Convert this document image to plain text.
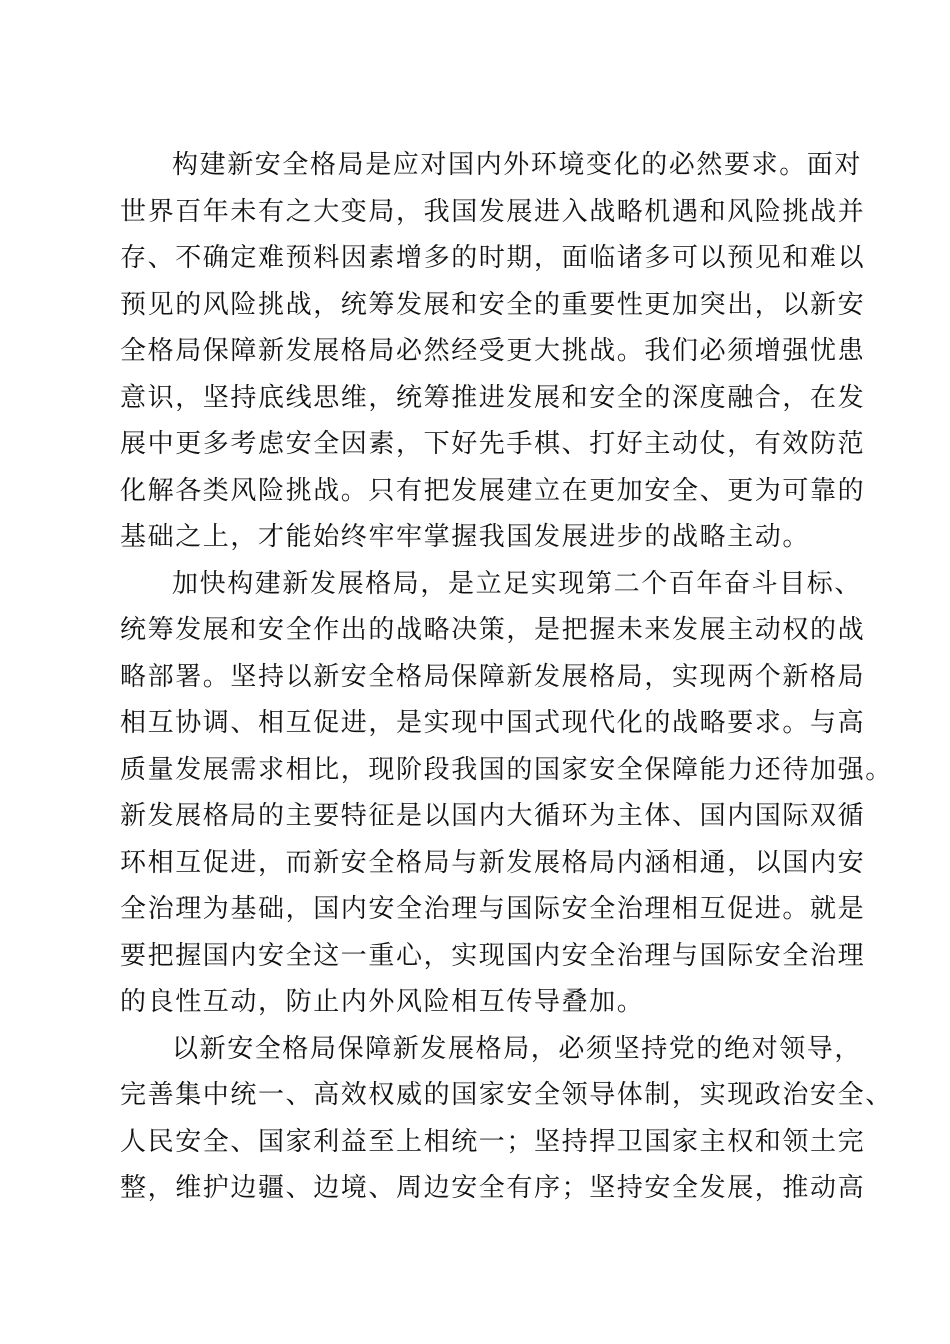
构建新安全格局是应对国内外环境变化的必然要求。面对
世界百年未有之大变局，我国发展进入战略机遇和风险挑战并
存、不确定难预料因素增多的时期，面临诸多可以预见和难以
预见的风险挑战，统筹发展和安全的重要性更加突出，以新安
全格局保障新发展格局必然经受更大挑战。我们必须增强忧患
意识，坚持底线思维，统筹推进发展和安全的深度融合，在发
展中更多考虑安全因素，下好先手棋、打好主动仗，有效防范
化解各类风险挑战。只有把发展建立在更加安全、更为可靠的
基础之上，才能始终牢牢掌握我国发展进步的战略主动。
加快构建新发展格局，是立足实现第二个百年奋斗目标、
统筹发展和安全作出的战略决策，是把握未来发展主动权的战
略部署。坚持以新安全格局保障新发展格局，实现两个新格局
相互协调、相互促进，是实现中国式现代化的战略要求。与高
质量发展需求相比，现阶段我国的国家安全保障能力还待加强。
新发展格局的主要特征是以国内大循环为主体、国内国际双循
环相互促进，而新安全格局与新发展格局内涵相通，以国内安
全治理为基础，国内安全治理与国际安全治理相互促进。就是
要把握国内安全这一重心，实现国内安全治理与国际安全治理
的良性互动，防止内外风险相互传导叠加。
以新安全格局保障新发展格局，必须坚持党的绝对领导，
完善集中统一、高效权威的国家安全领导体制，实现政治安全、
人民安全、国家利益至上相统一；坚持捍卫国家主权和领土完
整，维护边疆、边境、周边安全有序；坚持安全发展，推动高
